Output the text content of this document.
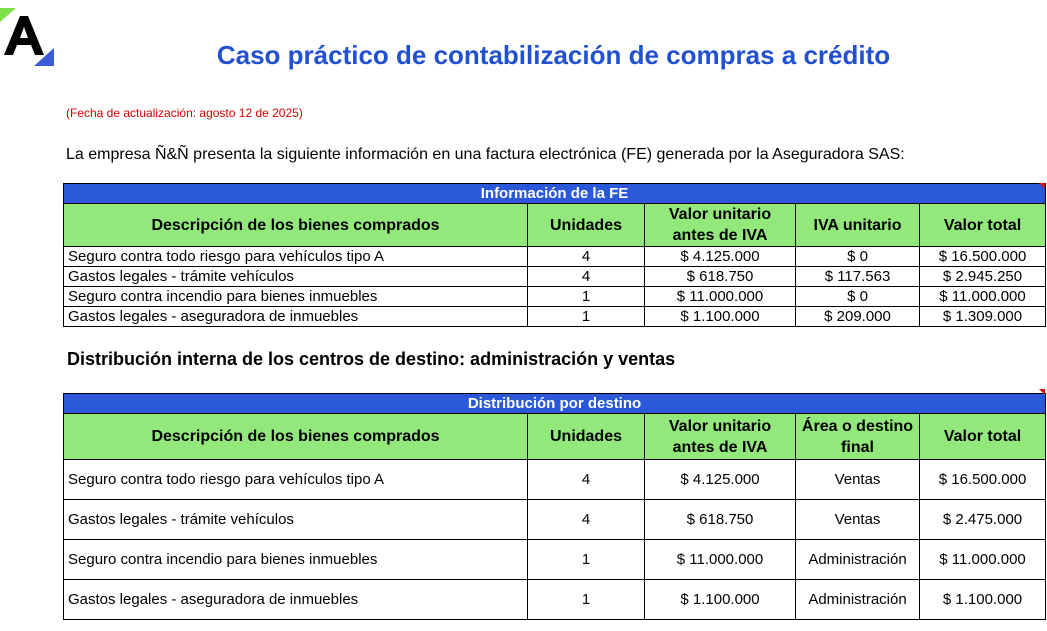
Caso práctico de contabilización de compras a crédito
(Fecha de actualización: agosto 12 de 2025)
La empresa Ñ&Ñ presenta la siguiente información en una factura electrónica (FE) generada por la Aseguradora SAS:
Información de la FE				
Descripción de los bienes comprados	Unidades	Valor unitario antes de IVA	IVA unitario	Valor total
Seguro contra todo riesgo para vehículos tipo A	4	$ 4.125.000	$ 0	$ 16.500.000
Gastos legales - trámite vehículos	4	$ 618.750	$ 117.563	$ 2.945.250
Seguro contra incendio para bienes inmuebles	1	$ 11.000.000	$ 0	$ 11.000.000
Gastos legales - aseguradora de inmuebles	1	$ 1.100.000	$ 209.000	$ 1.309.000
Distribución interna de los centros de destino: administración y ventas
Distribución por destino				
Descripción de los bienes comprados	Unidades	Valor unitario antes de IVA	Área o destino final	Valor total
Seguro contra todo riesgo para vehículos tipo A	4	$ 4.125.000	Ventas	$ 16.500.000
Gastos legales - trámite vehículos	4	$ 618.750	Ventas	$ 2.475.000
Seguro contra incendio para bienes inmuebles	1	$ 11.000.000	Administración	$ 11.000.000
Gastos legales - aseguradora de inmuebles	1	$ 1.100.000	Administración	$ 1.100.000
